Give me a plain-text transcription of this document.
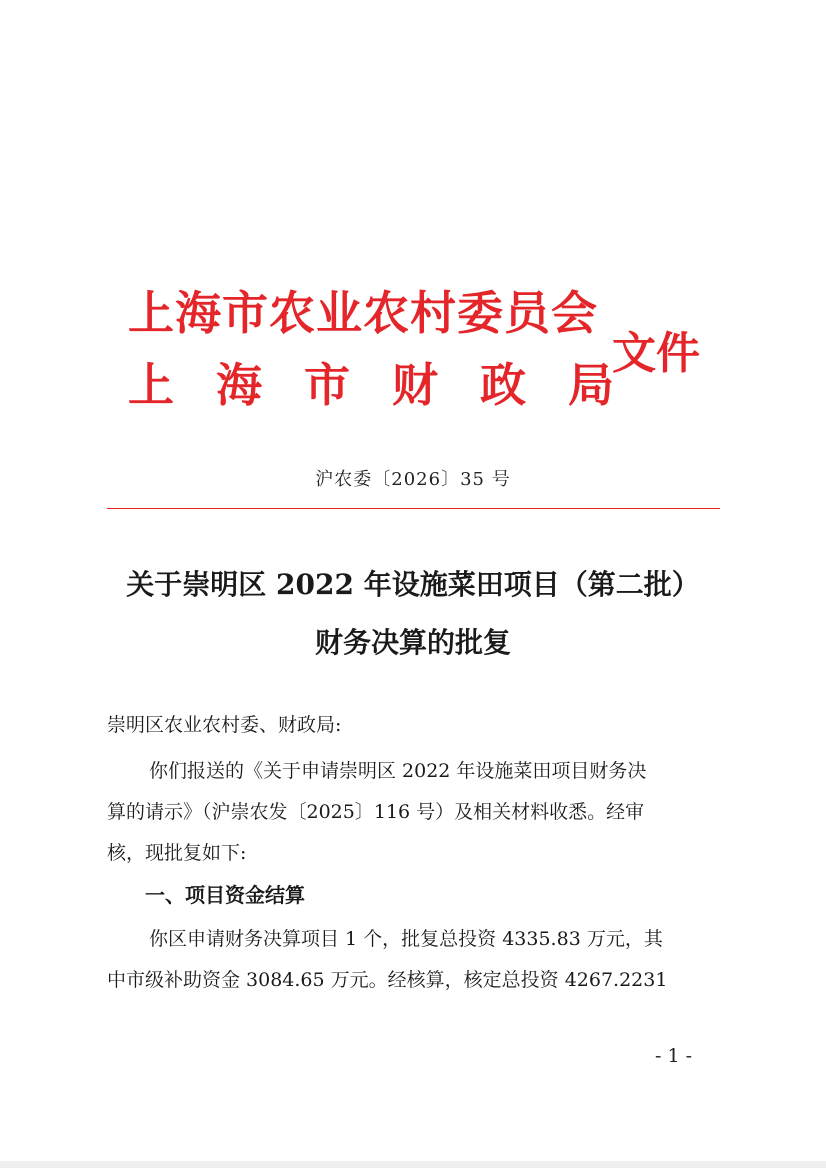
上海市农业农村委员会
上 海 市 财 政 局
文件
沪农委〔2026〕35 号
关于崇明区 2022 年设施菜田项目（第二批）
财务决算的批复
崇明区农业农村委、财政局:
你们报送的《关于申请崇明区 2022 年设施菜田项目财务决
算的请示》（沪崇农发〔2025〕116 号）及相关材料收悉。经审
核，现批复如下:
一、项目资金结算
你区申请财务决算项目 1 个，批复总投资 4335.83 万元，其
中市级补助资金 3084.65 万元。经核算，核定总投资 4267.2231
- 1 -
